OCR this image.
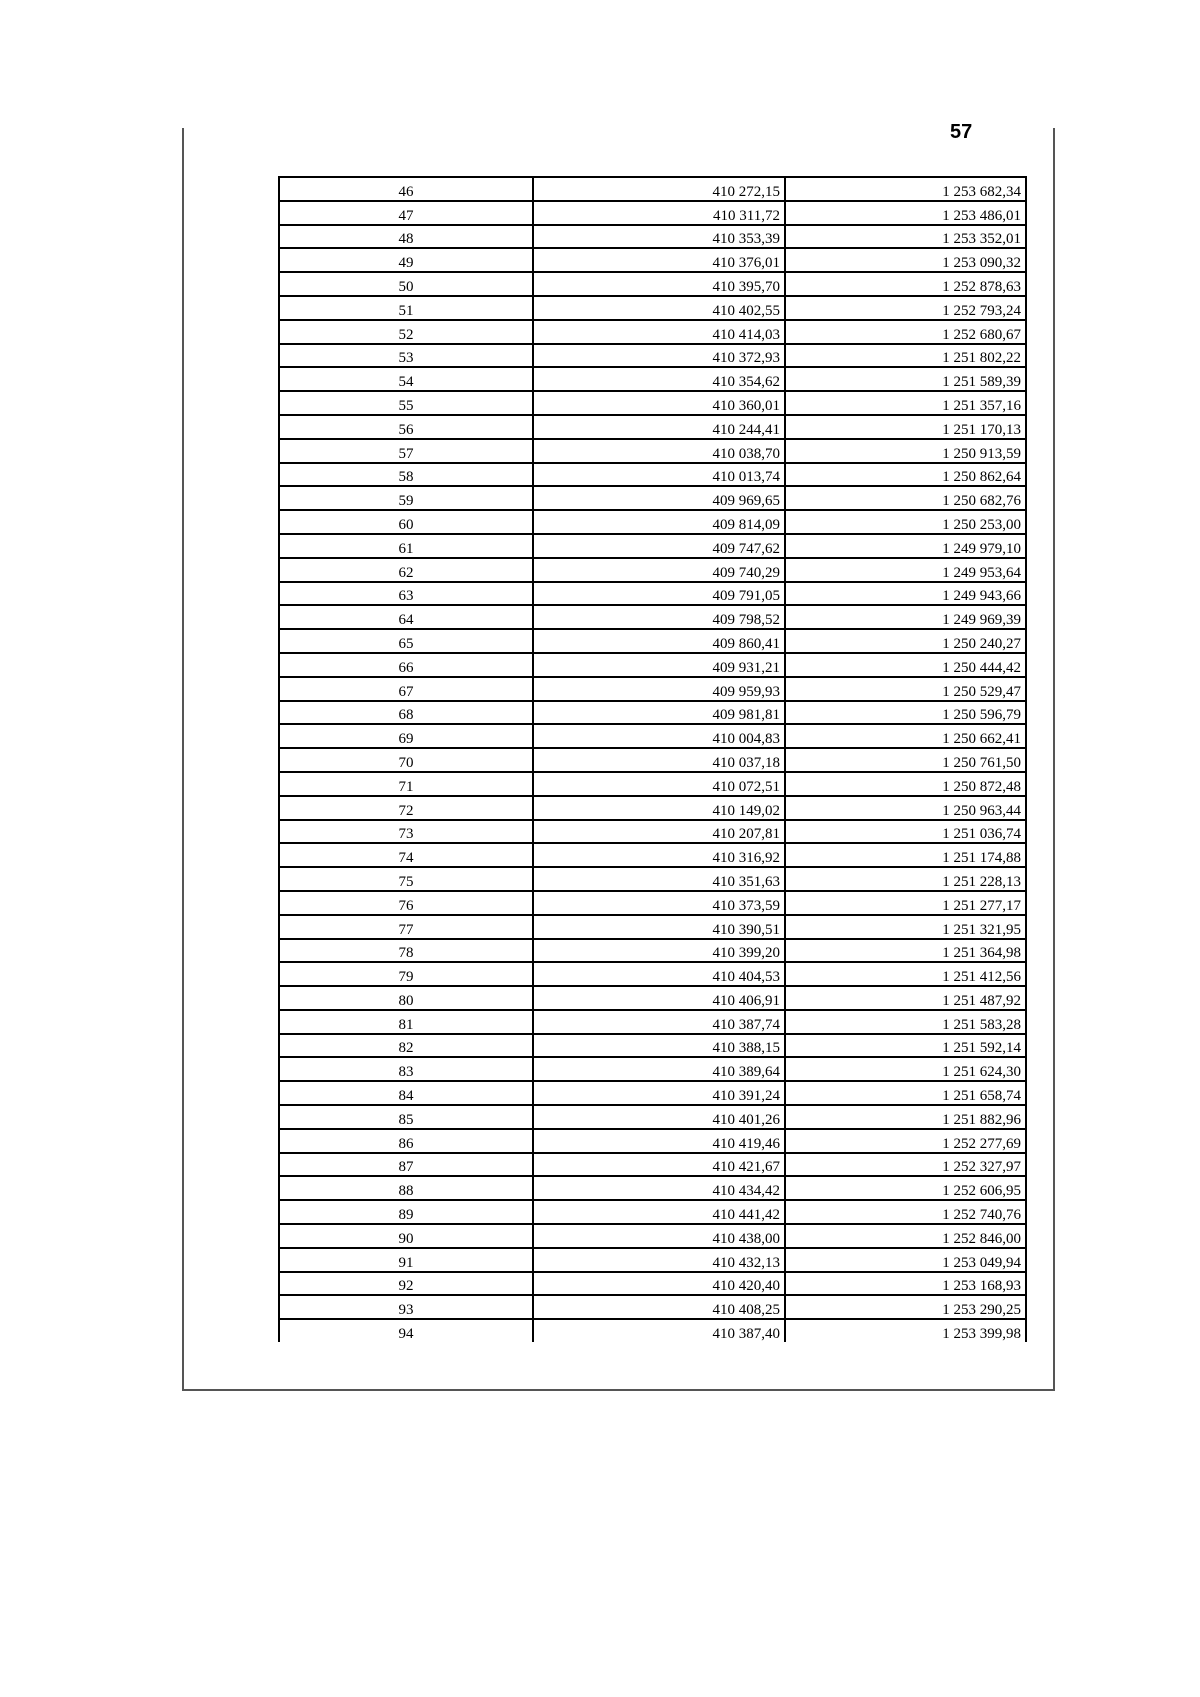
57
46	410 272,15	1 253 682,34
47	410 311,72	1 253 486,01
48	410 353,39	1 253 352,01
49	410 376,01	1 253 090,32
50	410 395,70	1 252 878,63
51	410 402,55	1 252 793,24
52	410 414,03	1 252 680,67
53	410 372,93	1 251 802,22
54	410 354,62	1 251 589,39
55	410 360,01	1 251 357,16
56	410 244,41	1 251 170,13
57	410 038,70	1 250 913,59
58	410 013,74	1 250 862,64
59	409 969,65	1 250 682,76
60	409 814,09	1 250 253,00
61	409 747,62	1 249 979,10
62	409 740,29	1 249 953,64
63	409 791,05	1 249 943,66
64	409 798,52	1 249 969,39
65	409 860,41	1 250 240,27
66	409 931,21	1 250 444,42
67	409 959,93	1 250 529,47
68	409 981,81	1 250 596,79
69	410 004,83	1 250 662,41
70	410 037,18	1 250 761,50
71	410 072,51	1 250 872,48
72	410 149,02	1 250 963,44
73	410 207,81	1 251 036,74
74	410 316,92	1 251 174,88
75	410 351,63	1 251 228,13
76	410 373,59	1 251 277,17
77	410 390,51	1 251 321,95
78	410 399,20	1 251 364,98
79	410 404,53	1 251 412,56
80	410 406,91	1 251 487,92
81	410 387,74	1 251 583,28
82	410 388,15	1 251 592,14
83	410 389,64	1 251 624,30
84	410 391,24	1 251 658,74
85	410 401,26	1 251 882,96
86	410 419,46	1 252 277,69
87	410 421,67	1 252 327,97
88	410 434,42	1 252 606,95
89	410 441,42	1 252 740,76
90	410 438,00	1 252 846,00
91	410 432,13	1 253 049,94
92	410 420,40	1 253 168,93
93	410 408,25	1 253 290,25
94	410 387,40	1 253 399,98
